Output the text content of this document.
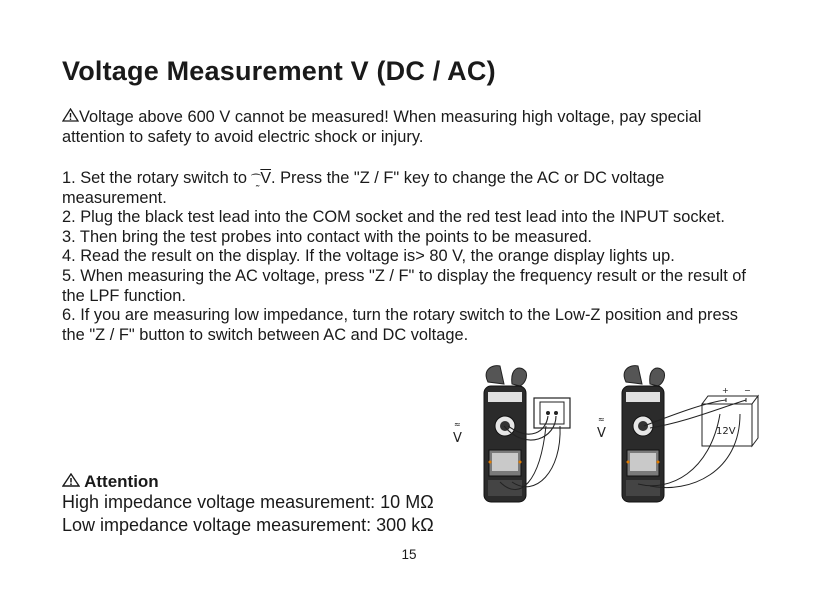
Voltage Measurement V (DC / AC)

Voltage above 600 V cannot be measured! When measuring high voltage, pay special attention to safety to avoid electric shock or injury.

1. Set the rotary switch to ⁀̰ $\overline{V}$. Press the "Z / F" key to change the AC or DC voltage measurement.
2. Plug the black test lead into the COM socket and the red test lead into the INPUT socket.
3. Then bring the test probes into contact with the points to be measured.
4. Read the result on the display. If the voltage is> 80 V, the orange display lights up.
5. When measuring the AC voltage, press "Z / F" to display the frequency result or the result of the LPF function.
6. If you are measuring low impedance, turn the rotary switch to the Low-Z position and press the "Z / F" button to switch between AC and DC voltage.
≈
V
≈
V
+ −
12V

Attention

High impedance voltage measurement: 10 MΩ

Low impedance voltage measurement: 300 kΩ

15
